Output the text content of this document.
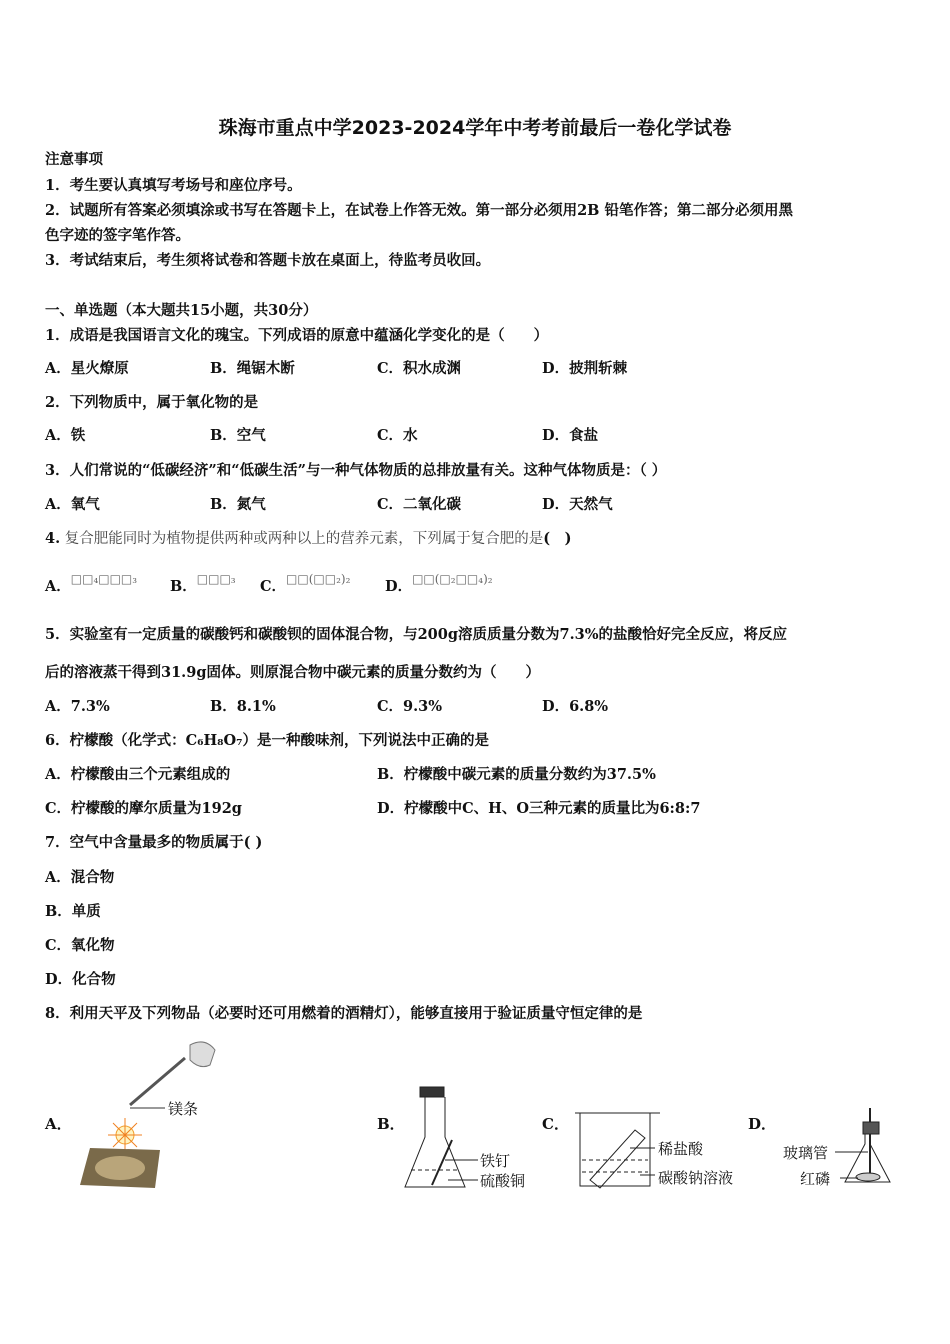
珠海市重点中学2023-2024学年中考考前最后一卷化学试卷
注意事项
1．考生要认真填写考场号和座位序号。
2．试题所有答案必须填涂或书写在答题卡上，在试卷上作答无效。第一部分必须用2B 铅笔作答；第二部分必须用黑
色字迹的签字笔作答。
3．考试结束后，考生须将试卷和答题卡放在桌面上，待监考员收回。
一、单选题（本大题共15小题，共30分）
1．成语是我国语言文化的瑰宝。下列成语的原意中蕴涵化学变化的是（　　）
A．星火燎原	B．绳锯木断	C．积水成渊	D．披荆斩棘
2．下列物质中，属于氧化物的是
A．铁	B．空气	C．水	D．食盐
3．人们常说的“低碳经济”和“低碳生活”与一种气体物质的总排放量有关。这种气体物质是：（ ）
A．氧气	B．氮气	C．二氧化碳	D．天然气
4. 复合肥能同时为植物提供两种或两种以上的营养元素，下列属于复合肥的是(　)
A．$^{□□_4□□□_3}$ B．$^{□□□_3}$ C．$^{□□(□□_2)_2}$ D．$^{□□(□_2□□_4)_2}$
5．实验室有一定质量的碳酸钙和碳酸钡的固体混合物，与200g溶质质量分数为7.3%的盐酸恰好完全反应，将反应
后的溶液蒸干得到31.9g固体。则原混合物中碳元素的质量分数约为（　　）
A．7.3%	B．8.1%	C．9.3%	D．6.8%
6．柠檬酸（化学式：C₆H₈O₇）是一种酸味剂，下列说法中正确的是
A．柠檬酸由三个元素组成的	B．柠檬酸中碳元素的质量分数约为37.5%
C．柠檬酸的摩尔质量为192g	D．柠檬酸中C、H、O三种元素的质量比为6:8:7
7．空气中含量最多的物质属于( )
A．混合物
B．单质
C．氧化物
D．化合物
8．利用天平及下列物品（必要时还可用燃着的酒精灯），能够直接用于验证质量守恒定律的是
A．	B．	C．	D．
镁条
铁钉
硫酸铜
稀盐酸
碳酸钠溶液
玻璃管
红磷
